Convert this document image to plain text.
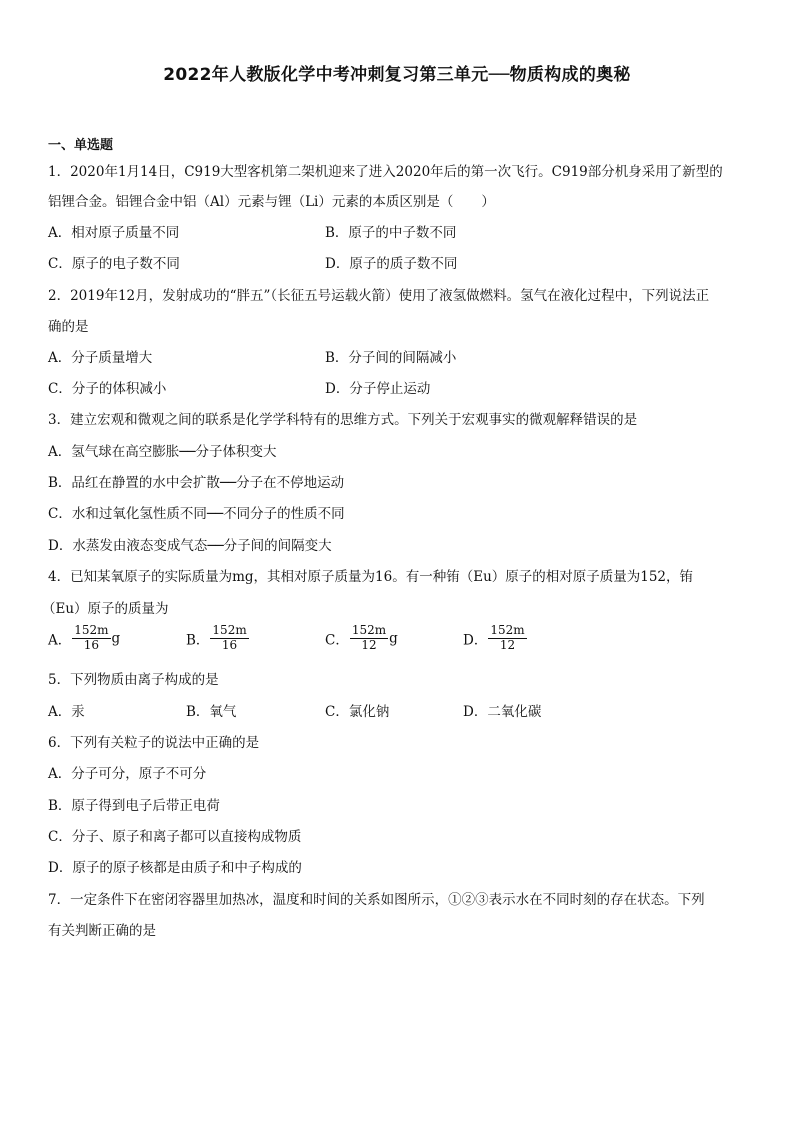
2022年人教版化学中考冲刺复习第三单元──物质构成的奥秘
一、单选题
1．2020年1月14日，C919大型客机第二架机迎来了进入2020年后的第一次飞行。C919部分机身采用了新型的
铝锂合金。铝锂合金中铝（Al）元素与锂（Li）元素的本质区别是（ ）
A．相对原子质量不同	B．原子的中子数不同
C．原子的电子数不同	D．原子的质子数不同
2．2019年12月，发射成功的“胖五”（长征五号运载火箭）使用了液氢做燃料。氢气在液化过程中，下列说法正
确的是
A．分子质量增大	B．分子间的间隔减小
C．分子的体积减小	D．分子停止运动
3．建立宏观和微观之间的联系是化学学科特有的思维方式。下列关于宏观事实的微观解释错误的是
A．氢气球在高空膨胀──分子体积变大
B．品红在静置的水中会扩散──分子在不停地运动
C．水和过氧化氢性质不同──不同分子的性质不同
D．水蒸发由液态变成气态──分子间的间隔变大
4．已知某氧原子的实际质量为mg，其相对原子质量为16。有一种铕（Eu）原子的相对原子质量为152，铕
（Eu）原子的质量为
A． $\frac{152m}{16}$ g	B． $\frac{152m}{16}$	C． $\frac{152m}{12}$ g	D． $\frac{152m}{12}$
5．下列物质由离子构成的是
A．汞	B．氧气	C．氯化钠	D．二氧化碳
6．下列有关粒子的说法中正确的是
A．分子可分，原子不可分
B．原子得到电子后带正电荷
C．分子、原子和离子都可以直接构成物质
D．原子的原子核都是由质子和中子构成的
7．一定条件下在密闭容器里加热冰，温度和时间的关系如图所示，①②③表示水在不同时刻的存在状态。下列
有关判断正确的是
